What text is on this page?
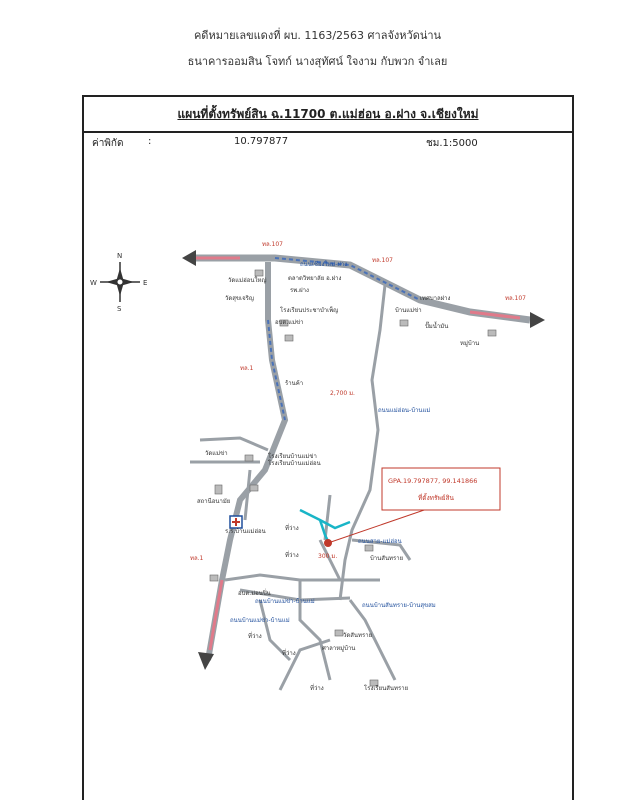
คดีหมายเลขแดงที่ ผบ. 1163/2563 ศาลจังหวัดน่าน
ธนาคารออมสิน โจทก์ นางสุทัศน์ ใจงาม กับพวก จำเลย
แผนที่ตั้งทรัพย์สิน ฉ.11700 ต.แม่ฮ่อน อ.ฝาง จ.เชียงใหม่
ค่าพิกัด :	10.797877	ชม.1:5000
N
S
E
W
GPA.19.797877, 99.141866
ที่ตั้งทรัพย์สิน
ทล.107
ทล.107
ทล.107
ทล.1
ทล.1
ถนนเชียงใหม่-ฝาง
2,700 ม.
ถนนแม่ฮ่อน-บ้านแม่
ถนนสาย-แม่ฮ่อน
300 ม.
ถนนบ้านแม่ข่า-บ้านแม่
ถนนบ้านสันทราย-บ้านสุขสม
ถนนบ้านแม่ข่า-บ้านแม่
วัดแม่ฮ่อนใหญ่	ตลาดวิทยาลัย อ.ฝาง
รพ.ฝาง
โรงเรียนประชาบำเพ็ญ
อบต.แม่ข่า
วัดสุขเจริญ	เทศบาลฝาง
บ้านแม่ข่า
ปั๊มน้ำมัน
หมู่บ้าน
ร้านค้า
วัดแม่ข่า	โรงเรียนบ้านแม่ข่า
โรงเรียนบ้านแม่ฮ่อน
สถานีอนามัย
ที่ว่าง
ที่ว่าง
ที่ว่าง
ที่ว่าง
ที่ว่าง
ศาลาหมู่บ้าน
วัดสันทราย
โรงเรียนสันทราย
บ้านสันทราย
อบต.ม่อนปิ่น
ร.ร.บ้านแม่ฮ่อน
